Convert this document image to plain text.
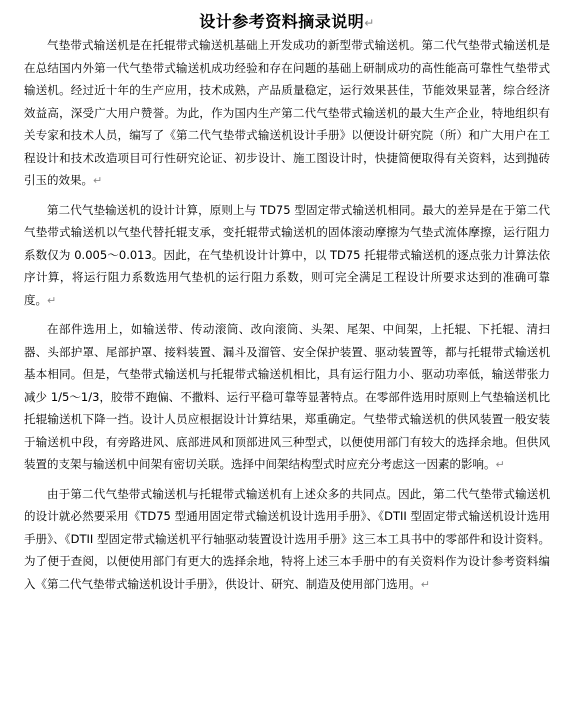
设计参考资料摘录说明↵

气垫带式输送机是在托辊带式输送机基础上开发成功的新型带式输送机。第二代气垫带式输送机是在总结国内外第一代气垫带式输送机成功经验和存在问题的基础上研制成功的高性能高可靠性气垫带式输送机。经过近十年的生产应用，技术成熟，产品质量稳定，运行效果甚佳，节能效果显著，综合经济效益高，深受广大用户赞誉。为此，作为国内生产第二代气垫带式输送机的最大生产企业，特地组织有关专家和技术人员，编写了《第二代气垫带式输送机设计手册》以便设计研究院（所）和广大用户在工程设计和技术改造项目可行性研究论证、初步设计、施工图设计时，快捷简便取得有关资料，达到抛砖引玉的效果。↵

第二代气垫输送机的设计计算，原则上与 TD75 型固定带式输送机相同。最大的差异是在于第二代气垫带式输送机以气垫代替托辊支承，变托辊带式输送机的固体滚动摩擦为气垫式流体摩擦，运行阻力系数仅为 0.005～0.013。因此，在气垫机设计计算中，以 TD75 托辊带式输送机的逐点张力计算法依序计算，将运行阻力系数选用气垫机的运行阻力系数，则可完全满足工程设计所要求达到的准确可靠度。↵

在部件选用上，如输送带、传动滚筒、改向滚筒、头架、尾架、中间架，上托辊、下托辊、清扫器、头部护罩、尾部护罩、接料装置、漏斗及溜管、安全保护装置、驱动装置等，都与托辊带式输送机基本相同。但是，气垫带式输送机与托辊带式输送机相比，具有运行阻力小、驱动功率低，输送带张力减少 1/5～1/3，胶带不跑偏、不撒料、运行平稳可靠等显著特点。在零部件选用时原则上气垫输送机比托辊输送机下降一挡。设计人员应根据设计计算结果，郑重确定。气垫带式输送机的供风装置一般安装于输送机中段，有旁路进风、底部进风和顶部进风三种型式，以便使用部门有较大的选择余地。但供风装置的支架与输送机中间架有密切关联。选择中间架结构型式时应充分考虑这一因素的影响。↵

由于第二代气垫带式输送机与托辊带式输送机有上述众多的共同点。因此，第二代气垫带式输送机的设计就必然要采用《TD75 型通用固定带式输送机设计选用手册》、《DTII 型固定带式输送机设计选用手册》、《DTII 型固定带式输送机平行轴驱动装置设计选用手册》这三本工具书中的零部件和设计资料。为了便于查阅，以便使用部门有更大的选择余地，特将上述三本手册中的有关资料作为设计参考资料编入《第二代气垫带式输送机设计手册》，供设计、研究、制造及使用部门选用。↵
